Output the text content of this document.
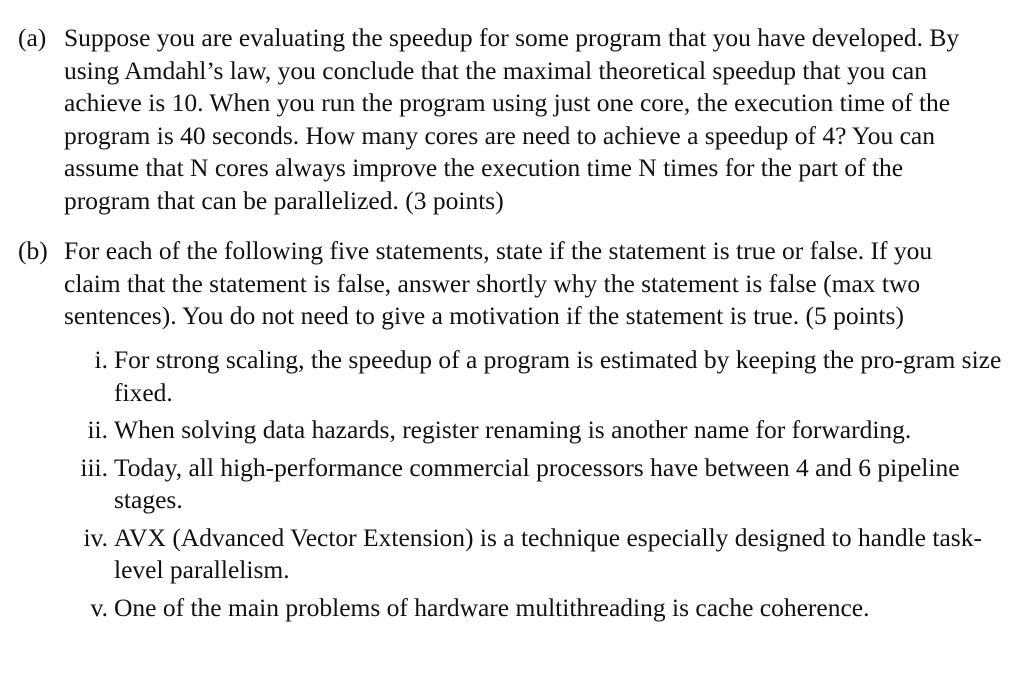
(a) Suppose you are evaluating the speedup for some program that you have developed. By using Amdahl’s law, you conclude that the maximal theoretical speedup that you can achieve is 10. When you run the program using just one core, the execution time of the program is 40 seconds. How many cores are need to achieve a speedup of 4? You can assume that N cores always improve the execution time N times for the part of the program that can be parallelized. (3 points)
(b) For each of the following five statements, state if the statement is true or false. If you claim that the statement is false, answer shortly why the statement is false (max two sentences). You do not need to give a motivation if the statement is true. (5 points)
i. For strong scaling, the speedup of a program is estimated by keeping the pro-gram size fixed.
ii. When solving data hazards, register renaming is another name for forwarding.
iii. Today, all high-performance commercial processors have between 4 and 6 pipeline stages.
iv. AVX (Advanced Vector Extension) is a technique especially designed to handle task-level parallelism.
v. One of the main problems of hardware multithreading is cache coherence.
